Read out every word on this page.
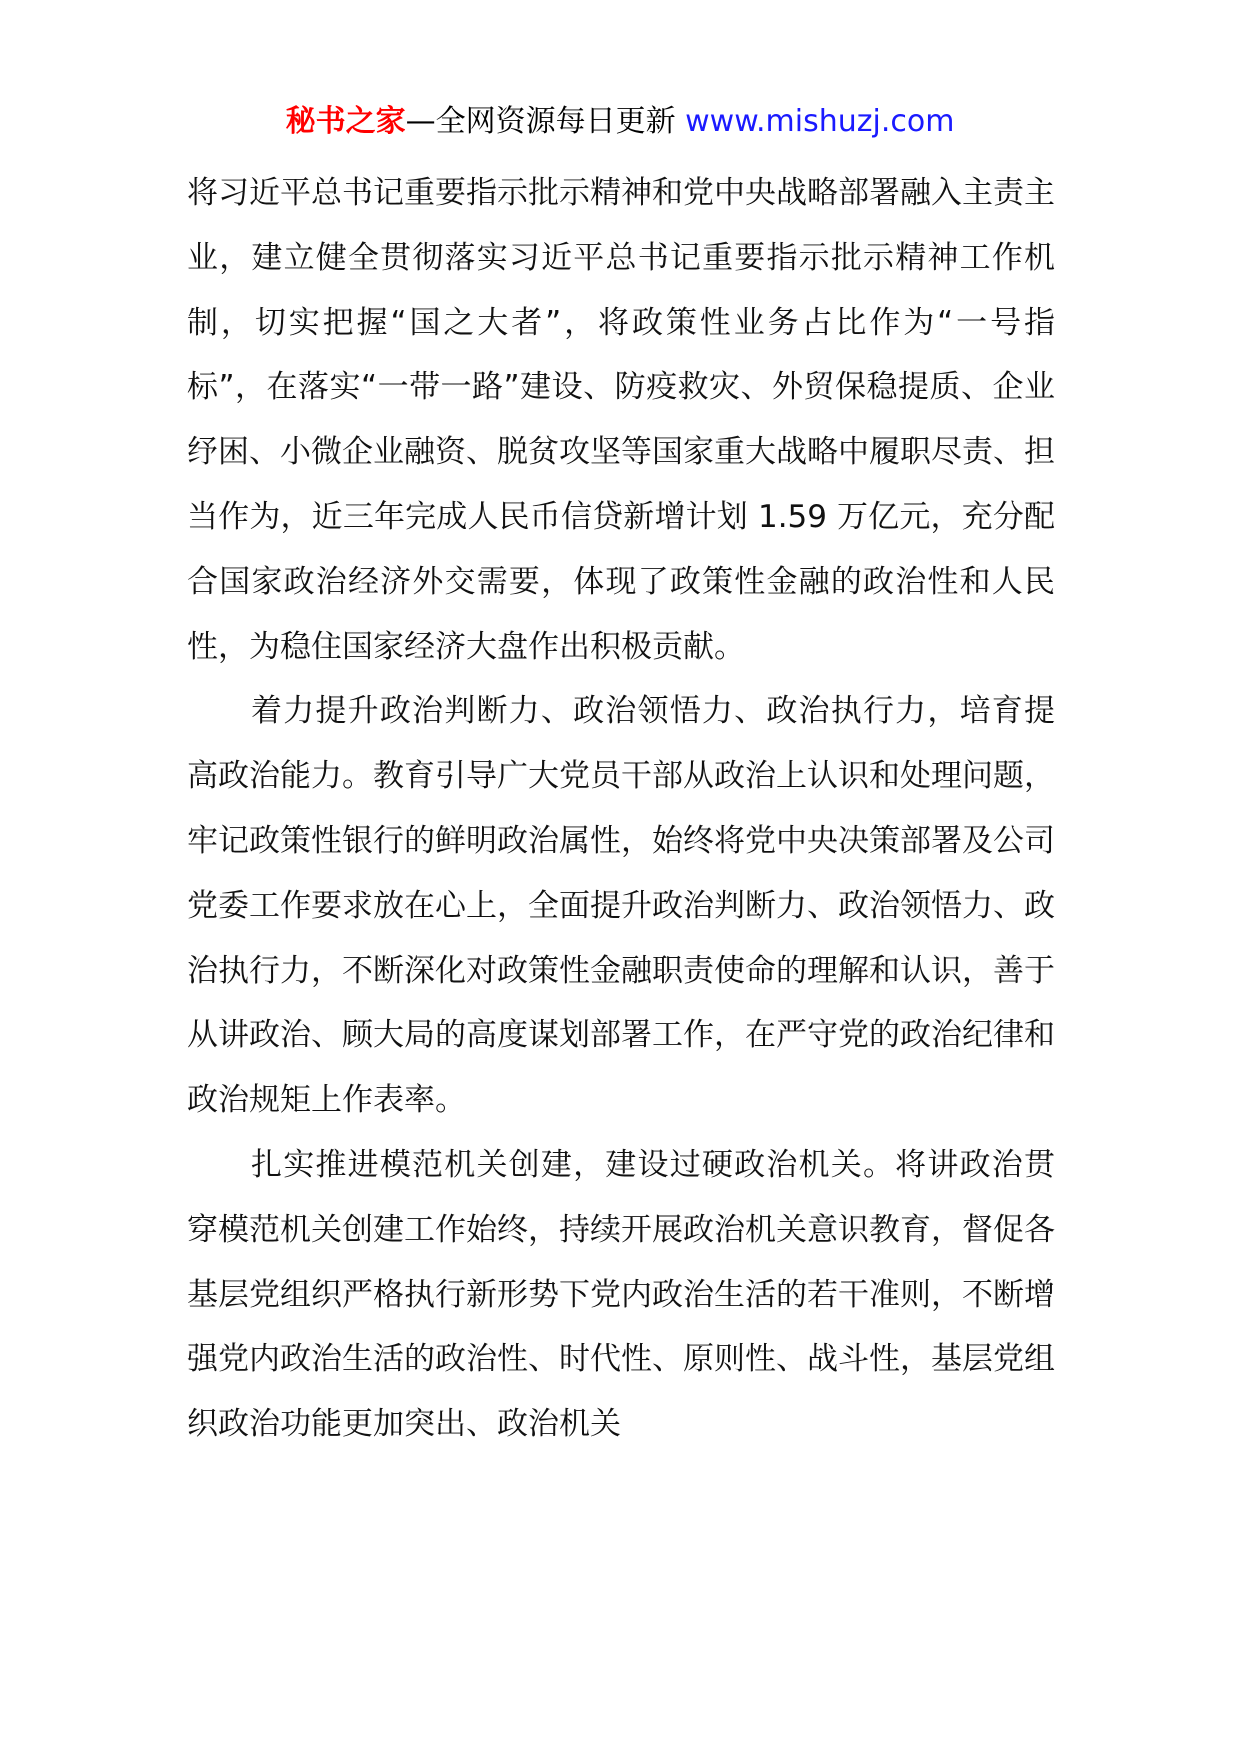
秘书之家—全网资源每日更新 www.mishuzj.com

将习近平总书记重要指示批示精神和党中央战略部署融入主责主业，建立健全贯彻落实习近平总书记重要指示批示精神工作机制，切实把握“国之大者”，将政策性业务占比作为“一号指标”，在落实“一带一路”建设、防疫救灾、外贸保稳提质、企业纾困、小微企业融资、脱贫攻坚等国家重大战略中履职尽责、担当作为，近三年完成人民币信贷新增计划 1.59 万亿元，充分配合国家政治经济外交需要，体现了政策性金融的政治性和人民性，为稳住国家经济大盘作出积极贡献。

着力提升政治判断力、政治领悟力、政治执行力，培育提高政治能力。教育引导广大党员干部从政治上认识和处理问题，牢记政策性银行的鲜明政治属性，始终将党中央决策部署及公司党委工作要求放在心上，全面提升政治判断力、政治领悟力、政治执行力，不断深化对政策性金融职责使命的理解和认识，善于从讲政治、顾大局的高度谋划部署工作，在严守党的政治纪律和政治规矩上作表率。

扎实推进模范机关创建，建设过硬政治机关。将讲政治贯穿模范机关创建工作始终，持续开展政治机关意识教育，督促各基层党组织严格执行新形势下党内政治生活的若干准则，不断增强党内政治生活的政治性、时代性、原则性、战斗性，基层党组织政治功能更加突出、政治机关
